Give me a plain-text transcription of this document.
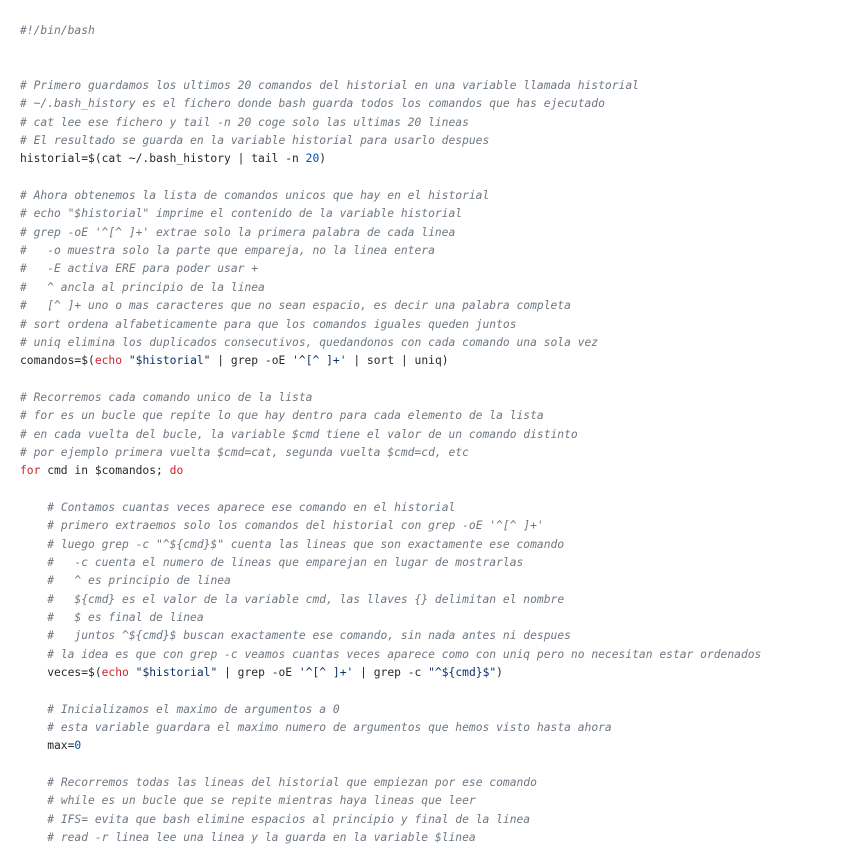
#!/bin/bash
# Primero guardamos los ultimos 20 comandos del historial en una variable llamada historial
# ~/.bash_history es el fichero donde bash guarda todos los comandos que has ejecutado
# cat lee ese fichero y tail -n 20 coge solo las ultimas 20 lineas
# El resultado se guarda en la variable historial para usarlo despues
historial=$(cat ~/.bash_history | tail -n 20)
# Ahora obtenemos la lista de comandos unicos que hay en el historial
# echo "$historial" imprime el contenido de la variable historial
# grep -oE '^[^ ]+' extrae solo la primera palabra de cada linea
#   -o muestra solo la parte que empareja, no la linea entera
#   -E activa ERE para poder usar +
#   ^ ancla al principio de la linea
#   [^ ]+ uno o mas caracteres que no sean espacio, es decir una palabra completa
# sort ordena alfabeticamente para que los comandos iguales queden juntos
# uniq elimina los duplicados consecutivos, quedandonos con cada comando una sola vez
comandos=$(echo "$historial" | grep -oE '^[^ ]+' | sort | uniq)
# Recorremos cada comando unico de la lista
# for es un bucle que repite lo que hay dentro para cada elemento de la lista
# en cada vuelta del bucle, la variable $cmd tiene el valor de un comando distinto
# por ejemplo primera vuelta $cmd=cat, segunda vuelta $cmd=cd, etc
for cmd in $comandos; do
# Contamos cuantas veces aparece ese comando en el historial
# primero extraemos solo los comandos del historial con grep -oE '^[^ ]+'
# luego grep -c "^${cmd}$" cuenta las lineas que son exactamente ese comando
#   -c cuenta el numero de lineas que emparejan en lugar de mostrarlas
#   ^ es principio de linea
#   ${cmd} es el valor de la variable cmd, las llaves {} delimitan el nombre
#   $ es final de linea
#   juntos ^${cmd}$ buscan exactamente ese comando, sin nada antes ni despues
# la idea es que con grep -c veamos cuantas veces aparece como con uniq pero no necesitan estar ordenados
veces=$(echo "$historial" | grep -oE '^[^ ]+' | grep -c "^${cmd}$")
# Inicializamos el maximo de argumentos a 0
# esta variable guardara el maximo numero de argumentos que hemos visto hasta ahora
max=0
# Recorremos todas las lineas del historial que empiezan por ese comando
# while es un bucle que se repite mientras haya lineas que leer
# IFS= evita que bash elimine espacios al principio y final de la linea
# read -r linea lee una linea y la guarda en la variable $linea
